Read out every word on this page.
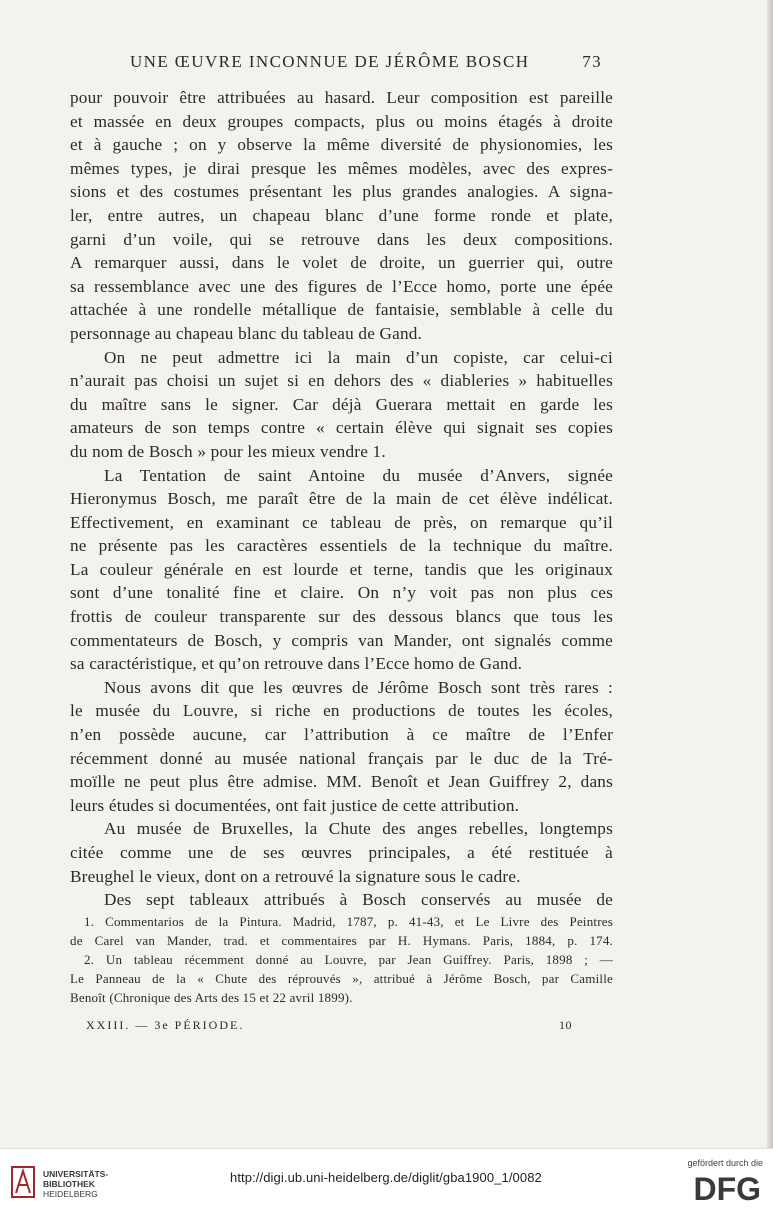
UNE ŒUVRE INCONNUE DE JÉRÔME BOSCH	73
pour pouvoir être attribuées au hasard. Leur composition est pareille
et massée en deux groupes compacts, plus ou moins étagés à droite
et à gauche ; on y observe la même diversité de physionomies, les
mêmes types, je dirai presque les mêmes modèles, avec des expres-
sions et des costumes présentant les plus grandes analogies. A signa-
ler, entre autres, un chapeau blanc d’une forme ronde et plate,
garni d’un voile, qui se retrouve dans les deux compositions.
A remarquer aussi, dans le volet de droite, un guerrier qui, outre
sa ressemblance avec une des figures de l’Ecce homo, porte une épée
attachée à une rondelle métallique de fantaisie, semblable à celle du
personnage au chapeau blanc du tableau de Gand.
On ne peut admettre ici la main d’un copiste, car celui-ci
n’aurait pas choisi un sujet si en dehors des « diableries » habituelles
du maître sans le signer. Car déjà Guerara mettait en garde les
amateurs de son temps contre « certain élève qui signait ses copies
du nom de Bosch » pour les mieux vendre 1.
La Tentation de saint Antoine du musée d’Anvers, signée
Hieronymus Bosch, me paraît être de la main de cet élève indélicat.
Effectivement, en examinant ce tableau de près, on remarque qu’il
ne présente pas les caractères essentiels de la technique du maître.
La couleur générale en est lourde et terne, tandis que les originaux
sont d’une tonalité fine et claire. On n’y voit pas non plus ces
frottis de couleur transparente sur des dessous blancs que tous les
commentateurs de Bosch, y compris van Mander, ont signalés comme
sa caractéristique, et qu’on retrouve dans l’Ecce homo de Gand.
Nous avons dit que les œuvres de Jérôme Bosch sont très rares :
le musée du Louvre, si riche en productions de toutes les écoles,
n’en possède aucune, car l’attribution à ce maître de l’Enfer
récemment donné au musée national français par le duc de la Tré-
moïlle ne peut plus être admise. MM. Benoît et Jean Guiffrey 2, dans
leurs études si documentées, ont fait justice de cette attribution.
Au musée de Bruxelles, la Chute des anges rebelles, longtemps
citée comme une de ses œuvres principales, a été restituée à
Breughel le vieux, dont on a retrouvé la signature sous le cadre.
Des sept tableaux attribués à Bosch conservés au musée de
1. Commentarios de la Pintura. Madrid, 1787, p. 41-43, et Le Livre des Peintres
de Carel van Mander, trad. et commentaires par H. Hymans. Paris, 1884, p. 174.
2. Un tableau récemment donné au Louvre, par Jean Guiffrey. Paris, 1898 ; —
Le Panneau de la « Chute des réprouvés », attribué à Jérôme Bosch, par Camille
Benoît (Chronique des Arts des 15 et 22 avril 1899).
XXIII. — 3e PÉRIODE.	10
UNIVERSITÄTS-
BIBLIOTHEK
HEIDELBERG
http://digi.ub.uni-heidelberg.de/diglit/gba1900_1/0082
gefördert durch die
DFG
